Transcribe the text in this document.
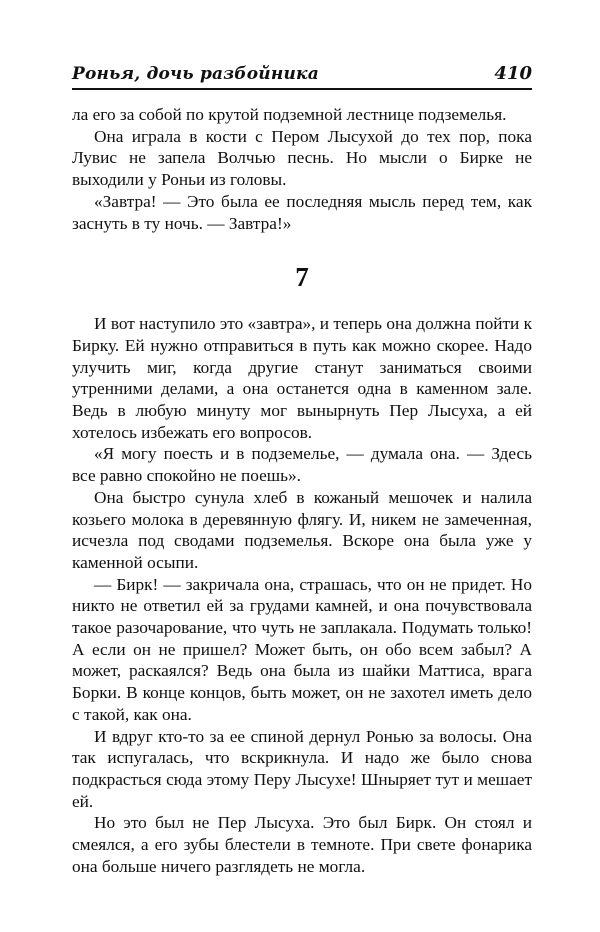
Ронья, дочь разбойника	410

ла его за собой по крутой подземной лестнице подземелья.

Она играла в кости с Пером Лысухой до тех пор, пока Лувис не запела Волчью песнь. Но мысли о Бирке не выходили у Роньи из головы.

«Завтра! — Это была ее последняя мысль перед тем, как заснуть в ту ночь. — Завтра!»

7

И вот наступило это «завтра», и теперь она должна пойти к Бирку. Ей нужно отправиться в путь как можно скорее. Надо улучить миг, когда другие станут заниматься своими утренними делами, а она останется одна в каменном зале. Ведь в любую минуту мог вынырнуть Пер Лысуха, а ей хотелось избежать его вопросов.

«Я могу поесть и в подземелье, — думала она. — Здесь все равно спокойно не поешь».

Она быстро сунула хлеб в кожаный мешочек и налила козьего молока в деревянную флягу. И, никем не замеченная, исчезла под сводами подземелья. Вскоре она была уже у каменной осыпи.

— Бирк! — закричала она, страшась, что он не придет. Но никто не ответил ей за грудами камней, и она почувствовала такое разочарование, что чуть не заплакала. Подумать только! А если он не пришел? Может быть, он обо всем забыл? А может, раскаялся? Ведь она была из шайки Маттиса, врага Борки. В конце концов, быть может, он не захотел иметь дело с такой, как она.

И вдруг кто-то за ее спиной дернул Ронью за волосы. Она так испугалась, что вскрикнула. И надо же было снова подкрасться сюда этому Перу Лысухе! Шныряет тут и мешает ей.

Но это был не Пер Лысуха. Это был Бирк. Он стоял и смеялся, а его зубы блестели в темноте. При свете фонарика она больше ничего разглядеть не могла.
